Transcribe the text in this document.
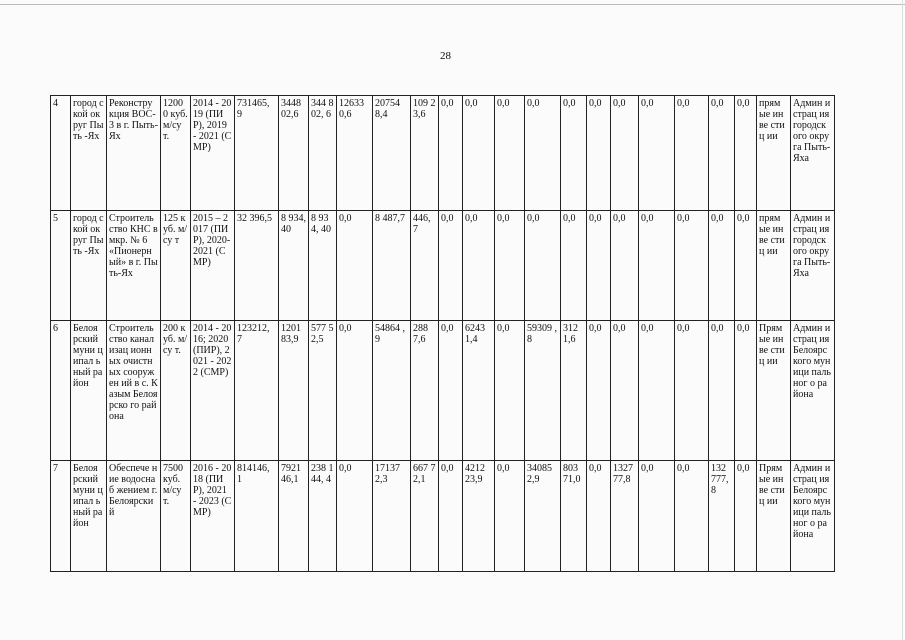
28
4	город ской округ Пыть -Ях	Реконстру кция ВОС-3 в г. Пыть-Ях	1200 0 куб. м/су т.	2014 - 2019 (ПИР), 2019 - 2021 (СМР)	731465, 9	3448 02,6	344 802, 6	12633 0,6	20754 8,4	109 23,6	0,0	0,0	0,0	0,0	0,0	0,0	0,0	0,0	0,0	0,0	0,0	прям ые инве стиц ии	Админ истрац ия городск ого округа Пыть-Яха
5	город ской округ Пыть -Ях	Строитель ство КНС в мкр. № 6 «Пионерн ый» в г. Пыть-Ях	125 куб. м/су т	2015 – 2017 (ПИР), 2020-2021 (СМР)	32 396,5	8 934, 40	8 934, 40	0,0	8 487,7	446, 7	0,0	0,0	0,0	0,0	0,0	0,0	0,0	0,0	0,0	0,0	0,0	прям ые инве стиц ии	Админ истрац ия городск ого округа Пыть-Яха
6	Белоя рский муни ципал ьный район	Строитель ство канализац ионных очистных сооружен ий в с. Казым Белоярско го района	200 куб. м/су т.	2014 - 2016; 2020 (ПИР), 2021 - 2022 (СМР)	123212, 7	1201 83,9	577 52,5	0,0	54864 ,9	288 7,6	0,0	6243 1,4	0,0	59309 ,8	312 1,6	0,0	0,0	0,0	0,0	0,0	0,0	Прям ые инве стиц ии	Админ истрац ия Белоярс кого муници пальног о района
7	Белоя рский муни ципал ьный район	Обеспече ние водоснаб жением г. Белоярски й	7500 куб. м/су т.	2016 - 2018 (ПИР), 2021 - 2023 (СМР)	814146, 1	7921 46,1	238 144, 4	0,0	17137 2,3	667 72,1	0,0	4212 23,9	0,0	34085 2,9	803 71,0	0,0	1327 77,8	0,0	0,0	132 777, 8	0,0	Прям ые инве стиц ии	Админ истрац ия Белоярс кого муници пальног о района
